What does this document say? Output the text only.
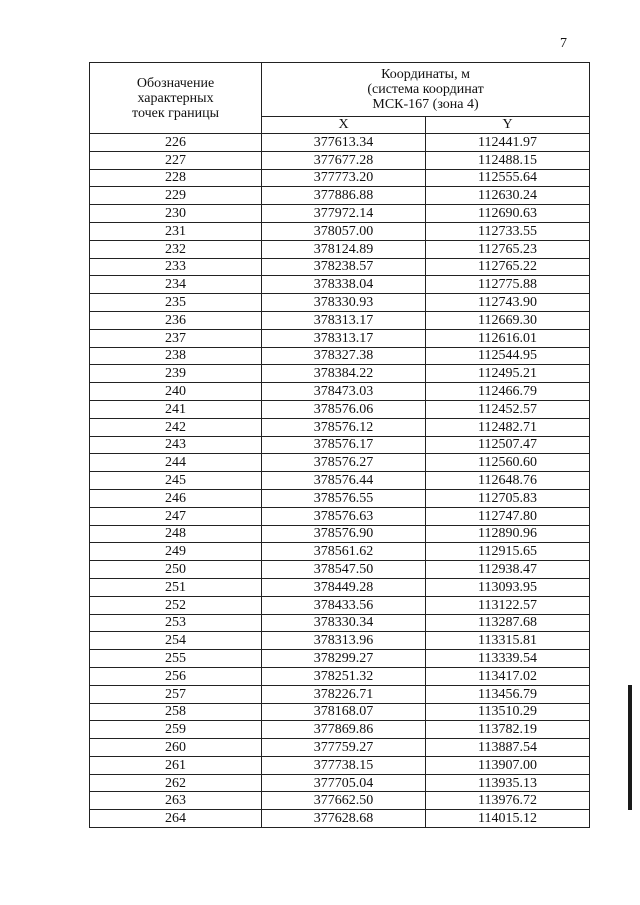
7
Обозначение
характерных
точек границы	Координаты, м
(система координат
МСК-167 (зона 4)	

	X	Y
226	377613.34	112441.97
227	377677.28	112488.15
228	377773.20	112555.64
229	377886.88	112630.24
230	377972.14	112690.63
231	378057.00	112733.55
232	378124.89	112765.23
233	378238.57	112765.22
234	378338.04	112775.88
235	378330.93	112743.90
236	378313.17	112669.30
237	378313.17	112616.01
238	378327.38	112544.95
239	378384.22	112495.21
240	378473.03	112466.79
241	378576.06	112452.57
242	378576.12	112482.71
243	378576.17	112507.47
244	378576.27	112560.60
245	378576.44	112648.76
246	378576.55	112705.83
247	378576.63	112747.80
248	378576.90	112890.96
249	378561.62	112915.65
250	378547.50	112938.47
251	378449.28	113093.95
252	378433.56	113122.57
253	378330.34	113287.68
254	378313.96	113315.81
255	378299.27	113339.54
256	378251.32	113417.02
257	378226.71	113456.79
258	378168.07	113510.29
259	377869.86	113782.19
260	377759.27	113887.54
261	377738.15	113907.00
262	377705.04	113935.13
263	377662.50	113976.72
264	377628.68	114015.12
